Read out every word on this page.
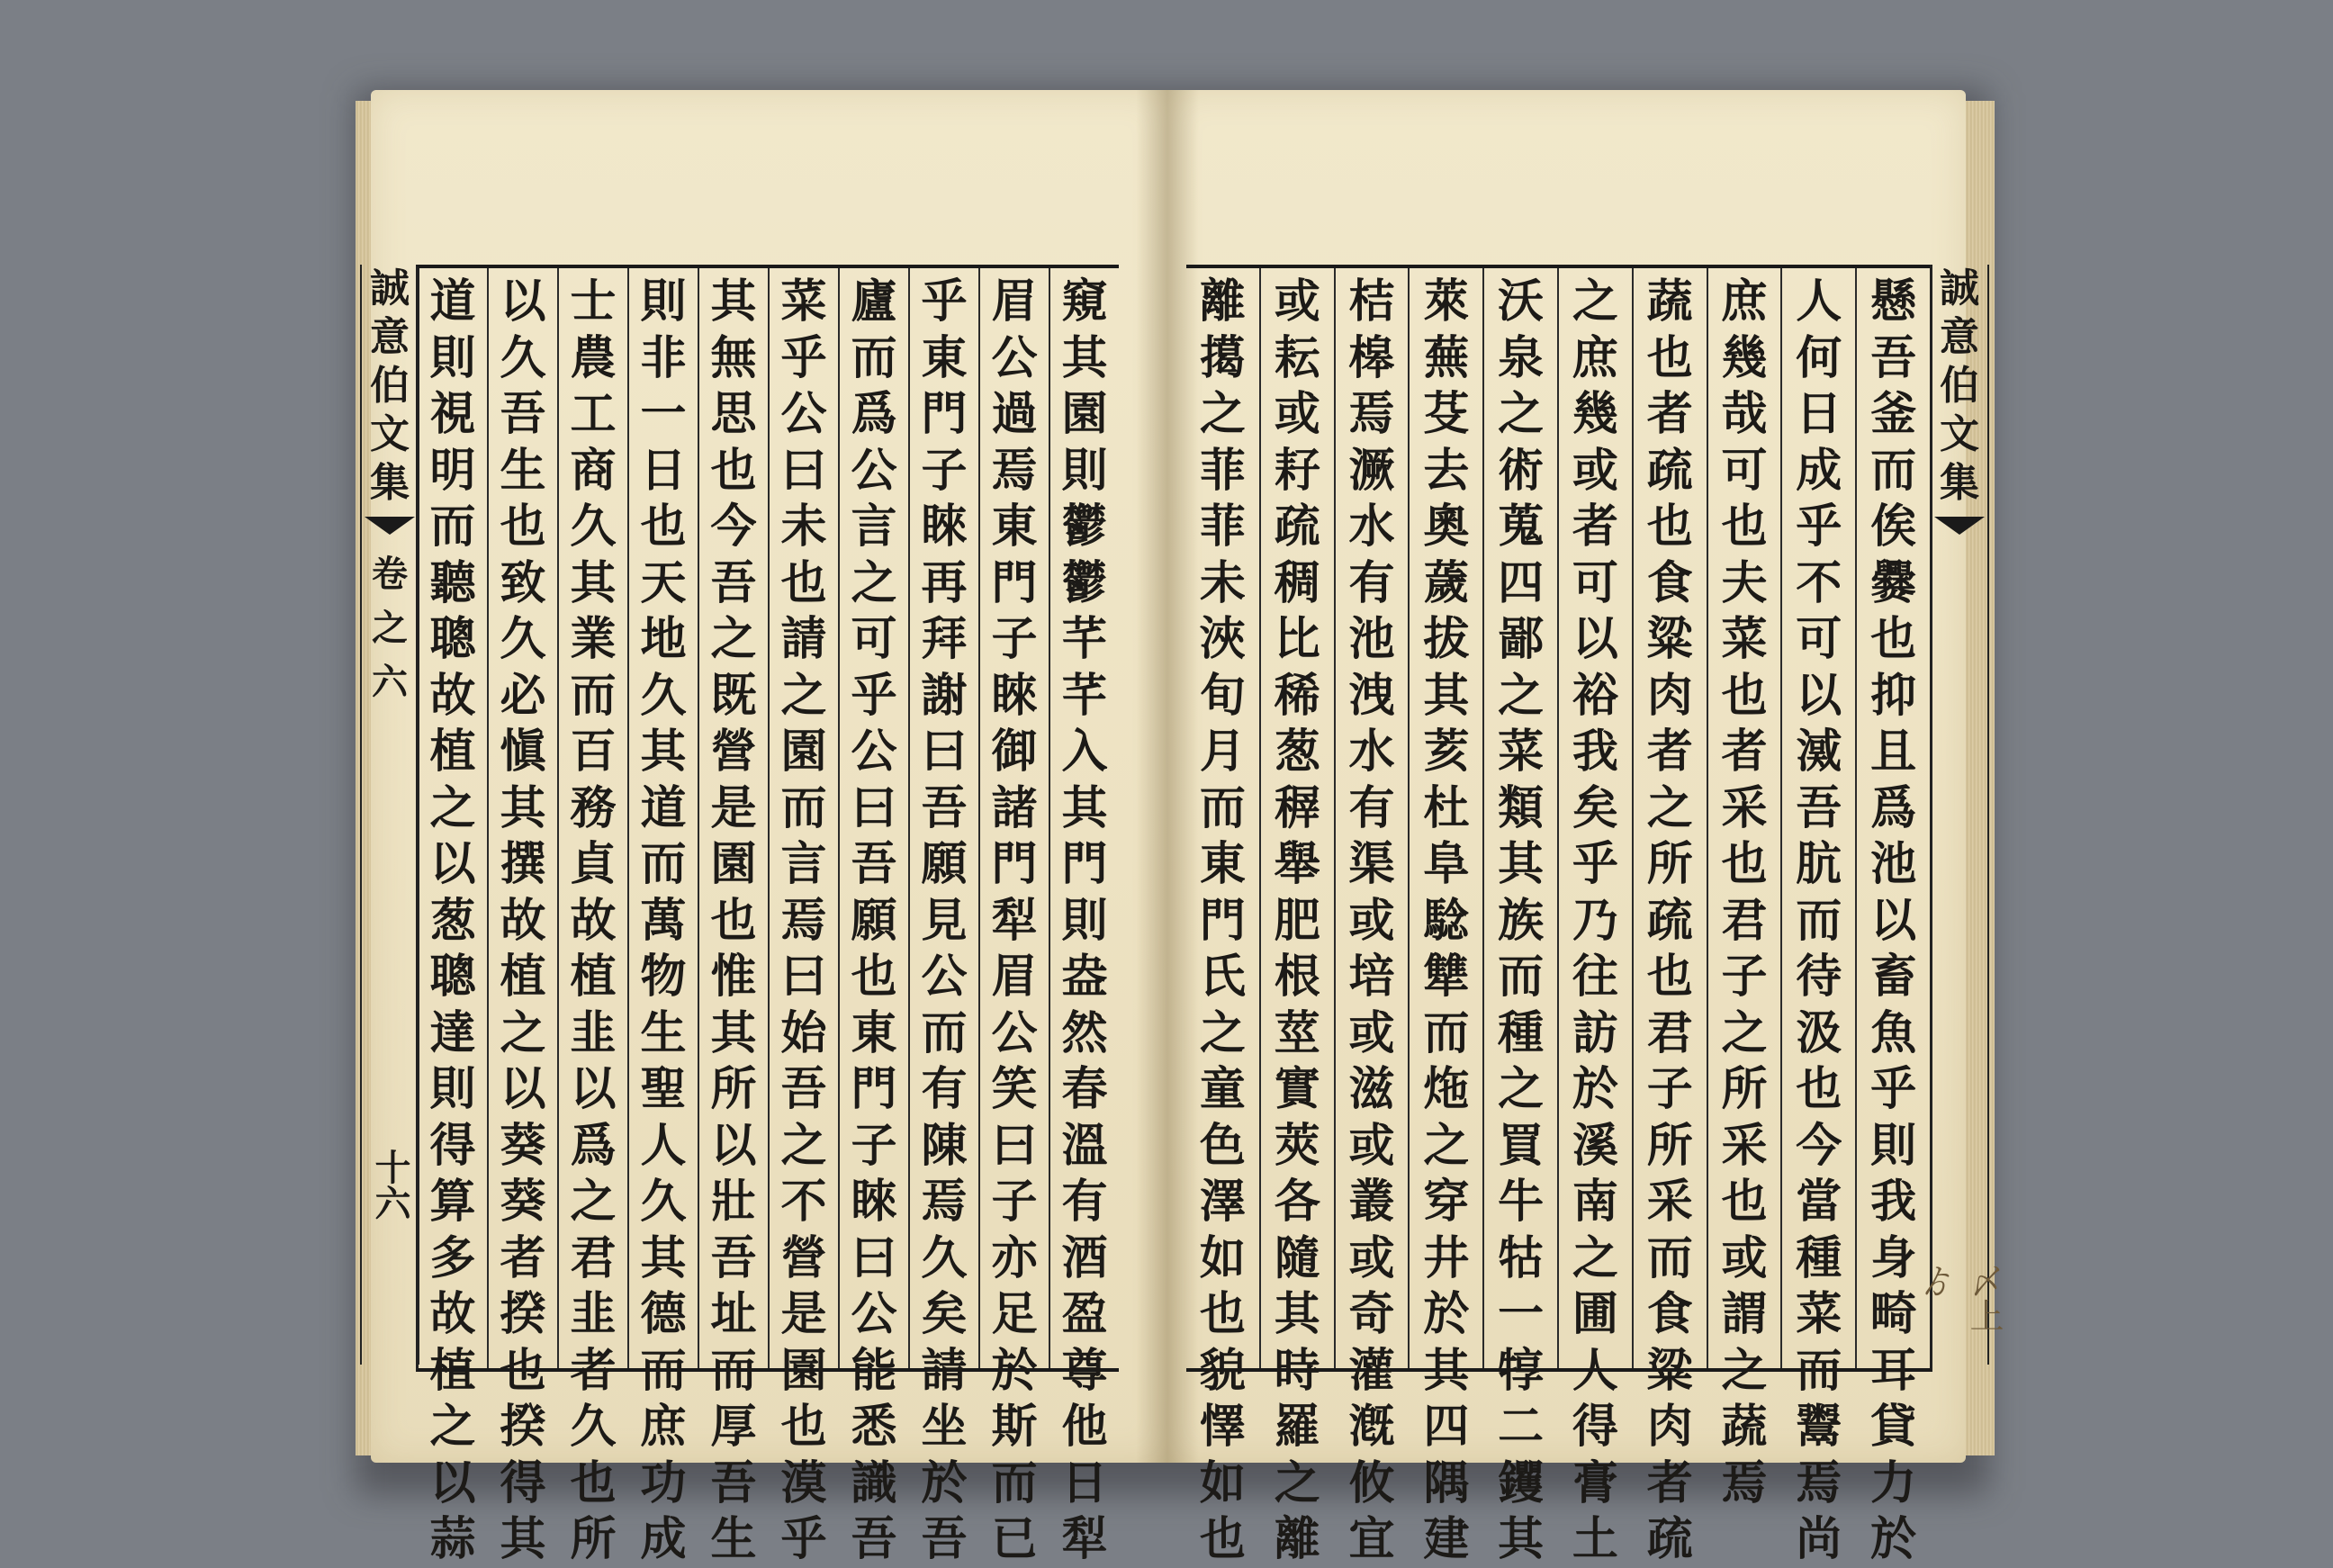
誠
意
伯
文
集
卷
之
六
十六
窺
其
園
則
鬱
鬱
芊
芊
入
其
門
則
盎
然
春
溫
有
酒
盈
尊
他
日
犁
眉
公
過
焉
東
門
子
睞
御
諸
門
犁
眉
公
笑
曰
子
亦
足
於
斯
而
已
乎
東
門
子
睞
再
拜
謝
曰
吾
願
見
公
而
有
陳
焉
久
矣
請
坐
於
吾
廬
而
爲
公
言
之
可
乎
公
曰
吾
願
也
東
門
子
睞
曰
公
能
悉
識
吾
菜
乎
公
曰
未
也
請
之
園
而
言
焉
曰
始
吾
之
不
營
是
園
也
漠
乎
其
無
思
也
今
吾
之
既
營
是
園
也
惟
其
所
以
壯
吾
址
而
厚
吾
生
則
非
一
日
也
天
地
久
其
道
而
萬
物
生
聖
人
久
其
德
而
庶
功
成
士
農
工
商
久
其
業
而
百
務
貞
故
植
韭
以
爲
之
君
韭
者
久
也
所
以
久
吾
生
也
致
久
必
愼
其
撰
故
植
之
以
葵
葵
者
揆
也
揆
得
其
道
則
視
明
而
聽
聰
故
植
之
以
葱
聰
達
則
得
算
多
故
植
之
以
蒜
懸
吾
釜
而
俟
爨
也
抑
且
爲
池
以
畜
魚
乎
則
我
身
畸
耳
貸
力
於
人
何
日
成
乎
不
可
以
㵄
吾
肮
而
待
汲
也
今
當
種
菜
而
鬻
焉
尚
庶
幾
哉
可
也
夫
菜
也
者
采
也
君
子
之
所
采
也
或
謂
之
蔬
焉
蔬
也
者
疏
也
食
粱
肉
者
之
所
疏
也
君
子
所
采
而
食
粱
肉
者
疏
之
庶
幾
或
者
可
以
裕
我
矣
乎
乃
往
訪
於
溪
南
之
圃
人
得
膏
土
沃
泉
之
術
蒐
四
鄙
之
菜
類
其
族
而
種
之
買
牛
牯
一
犉
二
钁
其
萊
蕪
芟
去
奧
薉
拔
其
荄
杜
阜
騐
犨
而
炧
之
穿
井
於
其
四
隅
建
桔
槔
焉
㵐
水
有
池
洩
水
有
渠
或
培
或
滋
或
叢
或
奇
灌
漑
攸
宜
或
耘
或
耔
疏
稠
比
稀
葱
稺
舉
肥
根
莖
實
莢
各
隨
其
時
羅
之
離
離
擖
之
菲
菲
未
浹
旬
月
而
東
門
氏
之
童
色
澤
如
也
貌
懌
如
也
誠
意
伯
文
集
〆上ゟ
